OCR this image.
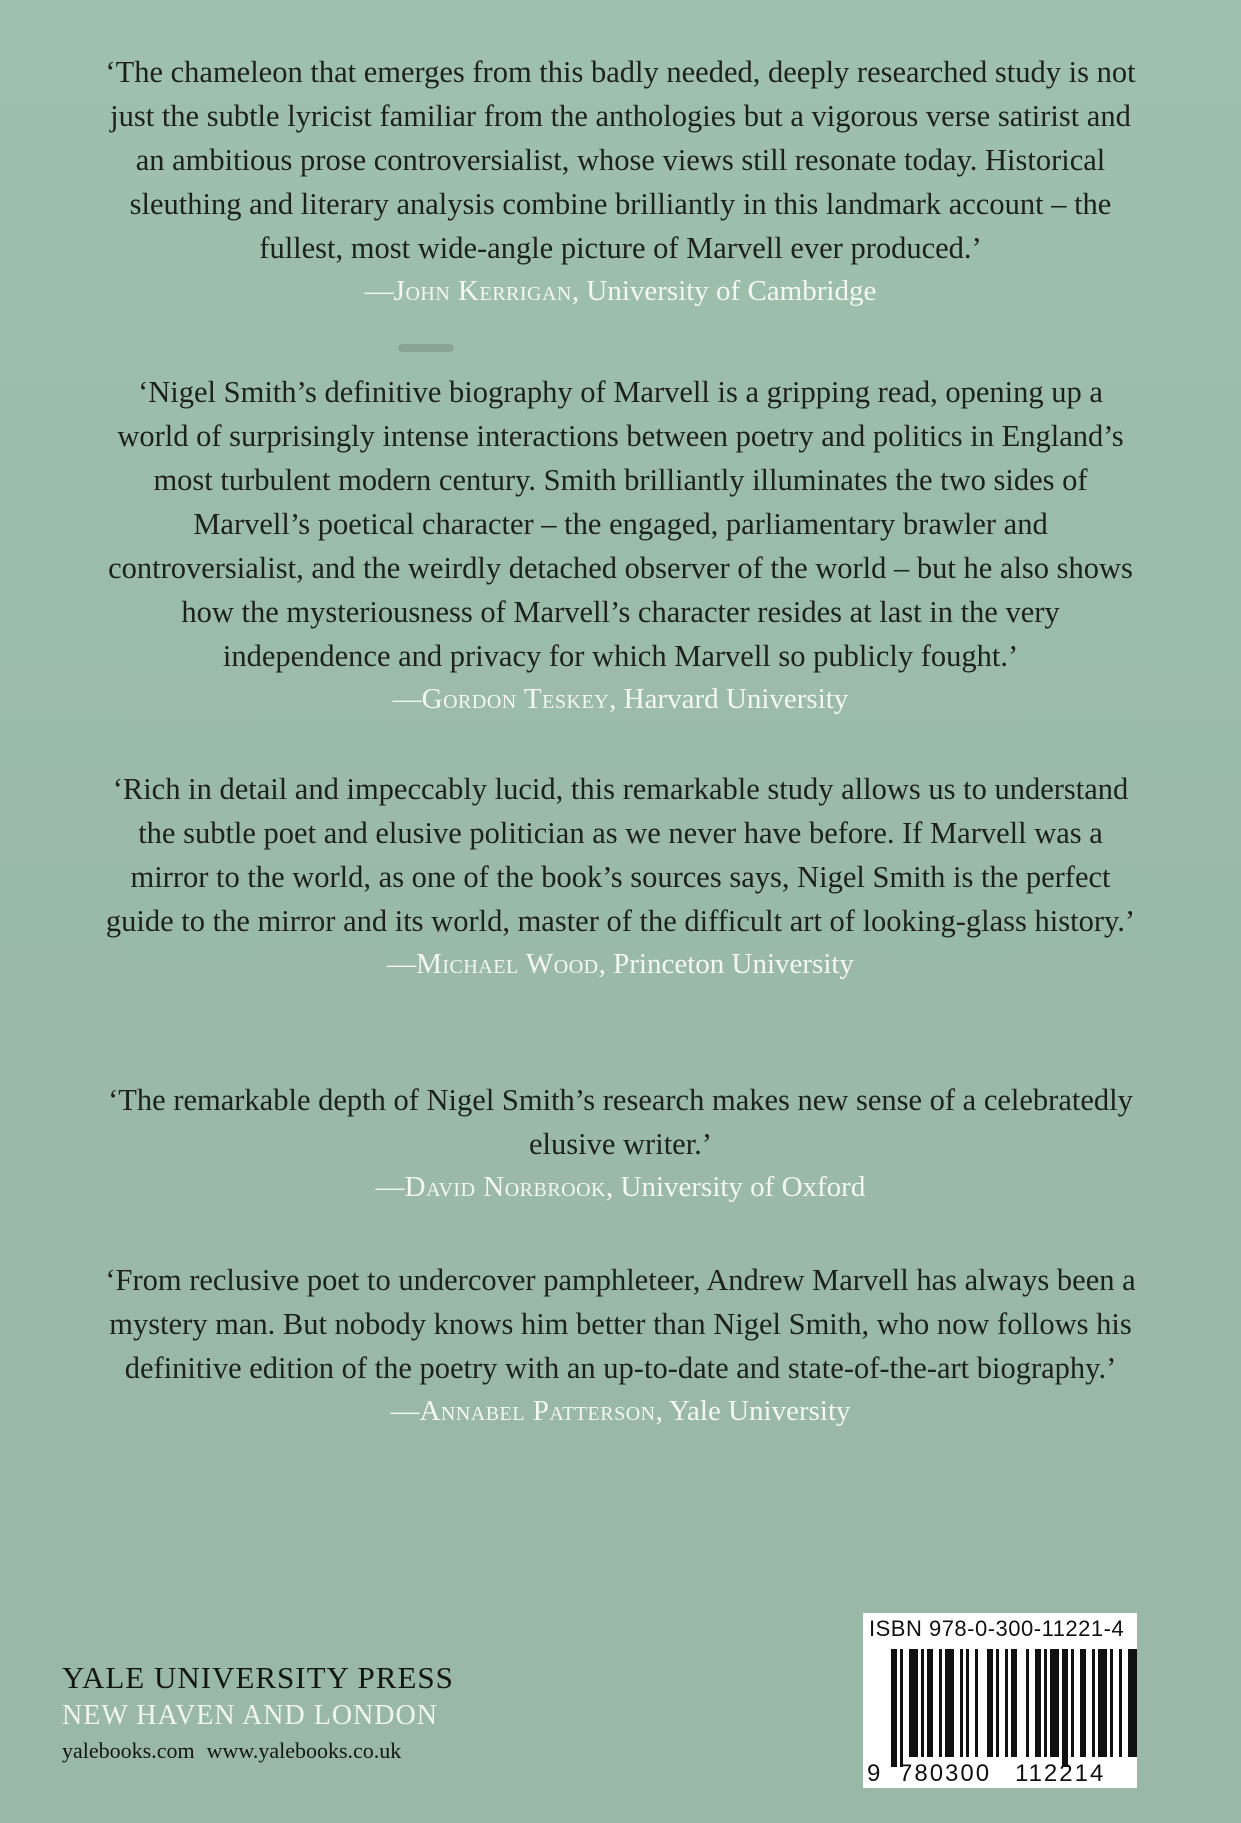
‘The chameleon that emerges from this badly needed, deeply researched study is not just the subtle lyricist familiar from the anthologies but a vigorous verse satirist and an ambitious prose controversialist, whose views still resonate today. Historical sleuthing and literary analysis combine brilliantly in this landmark account – the fullest, most wide-angle picture of Marvell ever produced.’

—John Kerrigan, University of Cambridge

‘Nigel Smith’s definitive biography of Marvell is a gripping read, opening up a world of surprisingly intense interactions between poetry and politics in England’s most turbulent modern century. Smith brilliantly illuminates the two sides of Marvell’s poetical character – the engaged, parliamentary brawler and controversialist, and the weirdly detached observer of the world – but he also shows how the mysteriousness of Marvell’s character resides at last in the very independence and privacy for which Marvell so publicly fought.’

—Gordon Teskey, Harvard University

‘Rich in detail and impeccably lucid, this remarkable study allows us to understand the subtle poet and elusive politician as we never have before. If Marvell was a mirror to the world, as one of the book’s sources says, Nigel Smith is the perfect guide to the mirror and its world, master of the difficult art of looking-glass history.’

—Michael Wood, Princeton University

‘The remarkable depth of Nigel Smith’s research makes new sense of a celebratedly elusive writer.’

—David Norbrook, University of Oxford

‘From reclusive poet to undercover pamphleteer, Andrew Marvell has always been a mystery man. But nobody knows him better than Nigel Smith, who now follows his definitive edition of the poetry with an up-to-date and state-of-the-art biography.’

—Annabel Patterson, Yale University

YALE UNIVERSITY PRESS
NEW HAVEN AND LONDON
yalebooks.com www.yalebooks.co.uk
ISBN 978-0-300-11221-4
9 780300 112214
